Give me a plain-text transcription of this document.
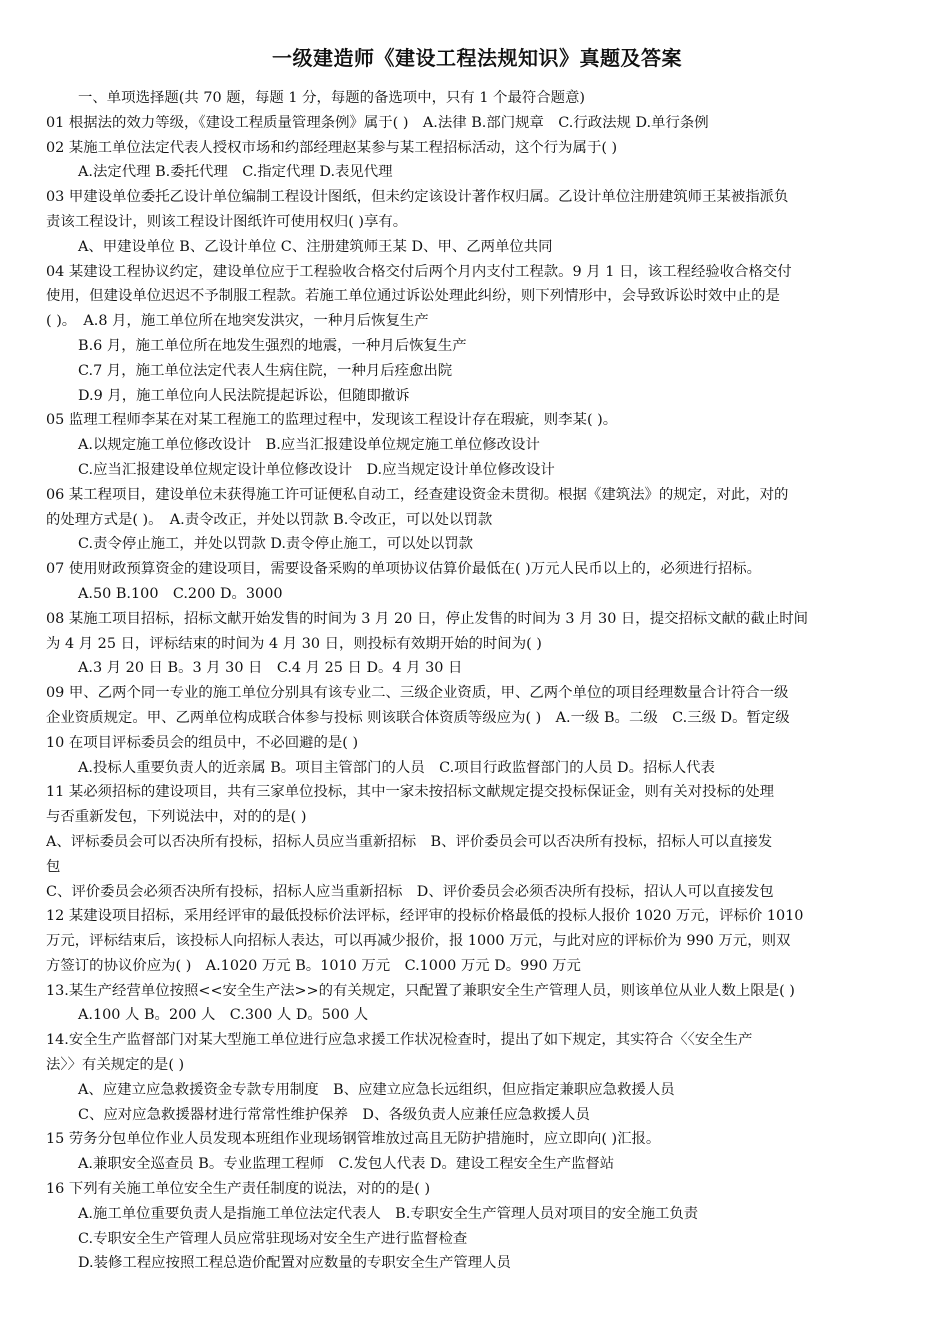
一级建造师《建设工程法规知识》真题及答案
一、单项选择题(共 70 题，每题 1 分，每题的备选项中，只有 1 个最符合题意)
01 根据法的效力等级，《建设工程质量管理条例》属于( )　A.法律 B.部门规章　C.行政法规 D.单行条例
02 某施工单位法定代表人授权市场和约部经理赵某参与某工程招标活动，这个行为属于( )
A.法定代理 B.委托代理　C.指定代理 D.表见代理
03 甲建设单位委托乙设计单位编制工程设计图纸，但未约定该设计著作权归属。乙设计单位注册建筑师王某被指派负
责该工程设计，则该工程设计图纸许可使用权归( )享有。
A、甲建设单位 B、乙设计单位 C、注册建筑师王某 D、甲、乙两单位共同
04 某建设工程协议约定，建设单位应于工程验收合格交付后两个月内支付工程款。9 月 1 日，该工程经验收合格交付
使用，但建设单位迟迟不予制服工程款。若施工单位通过诉讼处理此纠纷，则下列情形中，会导致诉讼时效中止的是
( )。　A.8 月，施工单位所在地突发洪灾，一种月后恢复生产
B.6 月，施工单位所在地发生强烈的地震，一种月后恢复生产
C.7 月，施工单位法定代表人生病住院，一种月后痊愈出院
D.9 月，施工单位向人民法院提起诉讼，但随即撤诉
05 监理工程师李某在对某工程施工的监理过程中，发现该工程设计存在瑕疵，则李某( )。
A.以规定施工单位修改设计　B.应当汇报建设单位规定施工单位修改设计
C.应当汇报建设单位规定设计单位修改设计　D.应当规定设计单位修改设计
06 某工程项目，建设单位未获得施工许可证便私自动工，经查建设资金未贯彻。根据《建筑法》的规定，对此，对的
的处理方式是( )。　A.责令改正，并处以罚款 B.令改正，可以处以罚款
C.责令停止施工，并处以罚款 D.责令停止施工，可以处以罚款
07 使用财政预算资金的建设项目，需要设备采购的单项协议估算价最低在( )万元人民币以上的，必须进行招标。
A.50 B.100　C.200 D。3000
08 某施工项目招标，招标文献开始发售的时间为 3 月 20 日，停止发售的时间为 3 月 30 日，提交招标文献的截止时间
为 4 月 25 日，评标结束的时间为 4 月 30 日，则投标有效期开始的时间为( )
A.3 月 20 日 B。3 月 30 日　C.4 月 25 日 D。4 月 30 日
09 甲、乙两个同一专业的施工单位分别具有该专业二、三级企业资质，甲、乙两个单位的项目经理数量合计符合一级
企业资质规定。甲、乙两单位构成联合体参与投标 则该联合体资质等级应为( )　A.一级 B。二级　C.三级 D。暂定级
10 在项目评标委员会的组员中，不必回避的是( )
A.投标人重要负责人的近亲属 B。项目主管部门的人员　C.项目行政监督部门的人员 D。招标人代表
11 某必须招标的建设项目，共有三家单位投标，其中一家未按招标文献规定提交投标保证金，则有关对投标的处理
与否重新发包，下列说法中，对的的是( )
A、评标委员会可以否决所有投标，招标人员应当重新招标　B、评价委员会可以否决所有投标，招标人可以直接发
包
C、评价委员会必须否决所有投标，招标人应当重新招标　D、评价委员会必须否决所有投标，招认人可以直接发包
12 某建设项目招标，采用经评审的最低投标价法评标，经评审的投标价格最低的投标人报价 1020 万元，评标价 1010
万元，评标结束后，该投标人向招标人表达，可以再减少报价，报 1000 万元，与此对应的评标价为 990 万元，则双
方签订的协议价应为( )　A.1020 万元 B。1010 万元　C.1000 万元 D。990 万元
13.某生产经营单位按照<<安全生产法>>的有关规定，只配置了兼职安全生产管理人员，则该单位从业人数上限是( )
A.100 人 B。200 人　C.300 人 D。500 人
14.安全生产监督部门对某大型施工单位进行应急求援工作状况检查时，提出了如下规定，其实符合〈〈安全生产
法〉〉有关规定的是( )
A、应建立应急救援资金专款专用制度　B、应建立应急长远组织，但应指定兼职应急救援人员
C、应对应急救援器材进行常常性维护保养　D、各级负责人应兼任应急救援人员
15 劳务分包单位作业人员发现本班组作业现场钢管堆放过高且无防护措施时，应立即向( )汇报。
A.兼职安全巡查员 B。专业监理工程师　C.发包人代表 D。建设工程安全生产监督站
16 下列有关施工单位安全生产责任制度的说法，对的的是( )
A.施工单位重要负责人是指施工单位法定代表人　B.专职安全生产管理人员对项目的安全施工负责
C.专职安全生产管理人员应常驻现场对安全生产进行监督检查
D.装修工程应按照工程总造价配置对应数量的专职安全生产管理人员
